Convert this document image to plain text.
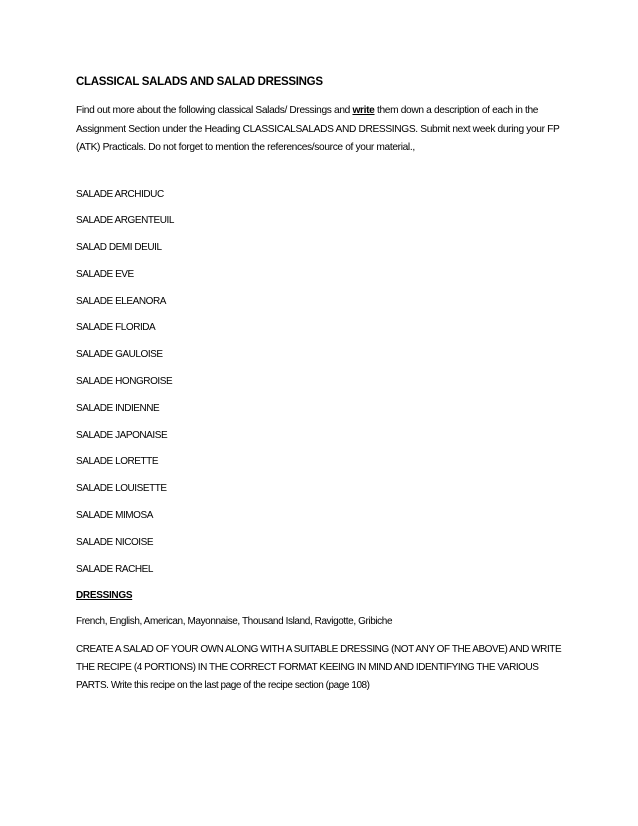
CLASSICAL SALADS AND SALAD DRESSINGS

Find out more about the following classical Salads/ Dressings and write them down a description of each in the Assignment Section under the Heading CLASSICALSALADS AND DRESSINGS. Submit next week during your FP (ATK) Practicals. Do not forget to mention the references/source of your material.,

SALADE ARCHIDUC
SALADE ARGENTEUIL
SALAD DEMI DEUIL
SALADE EVE
SALADE ELEANORA
SALADE FLORIDA
SALADE GAULOISE
SALADE HONGROISE
SALADE INDIENNE
SALADE JAPONAISE
SALADE LORETTE
SALADE LOUISETTE
SALADE MIMOSA
SALADE NICOISE
SALADE RACHEL
DRESSINGS

French, English, American, Mayonnaise, Thousand Island, Ravigotte, Gribiche

CREATE A SALAD OF YOUR OWN ALONG WITH A SUITABLE DRESSING (NOT ANY OF THE ABOVE) AND WRITE THE RECIPE (4 PORTIONS) IN THE CORRECT FORMAT KEEING IN MIND AND IDENTIFYING THE VARIOUS PARTS. Write this recipe on the last page of the recipe section (page 108)
